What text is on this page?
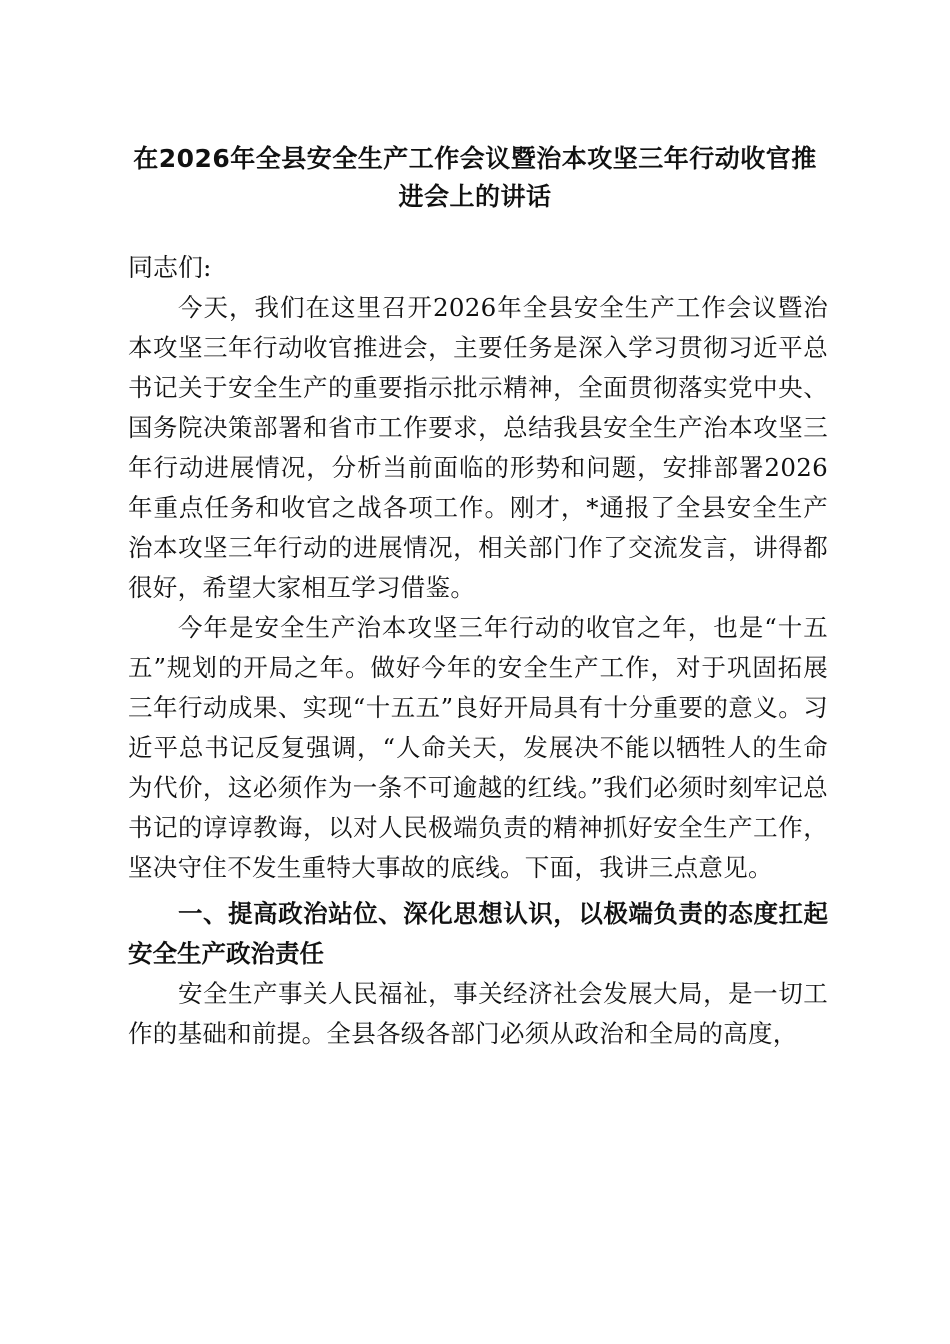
在2026年全县安全生产工作会议暨治本攻坚三年行动收官推
进会上的讲话

同志们:

今天，我们在这里召开2026年全县安全生产工作会议暨治本攻坚三年行动收官推进会，主要任务是深入学习贯彻习近平总书记关于安全生产的重要指示批示精神，全面贯彻落实党中央、国务院决策部署和省市工作要求，总结我县安全生产治本攻坚三年行动进展情况，分析当前面临的形势和问题，安排部署2026年重点任务和收官之战各项工作。刚才，*通报了全县安全生产治本攻坚三年行动的进展情况，相关部门作了交流发言，讲得都很好，希望大家相互学习借鉴。

今年是安全生产治本攻坚三年行动的收官之年，也是“十五五”规划的开局之年。做好今年的安全生产工作，对于巩固拓展三年行动成果、实现“十五五”良好开局具有十分重要的意义。习近平总书记反复强调，“人命关天，发展决不能以牺牲人的生命为代价，这必须作为一条不可逾越的红线。”我们必须时刻牢记总书记的谆谆教诲，以对人民极端负责的精神抓好安全生产工作，坚决守住不发生重特大事故的底线。下面，我讲三点意见。

一、提高政治站位、深化思想认识，以极端负责的态度扛起安全生产政治责任

安全生产事关人民福祉，事关经济社会发展大局，是一切工作的基础和前提。全县各级各部门必须从政治和全局的高度，
